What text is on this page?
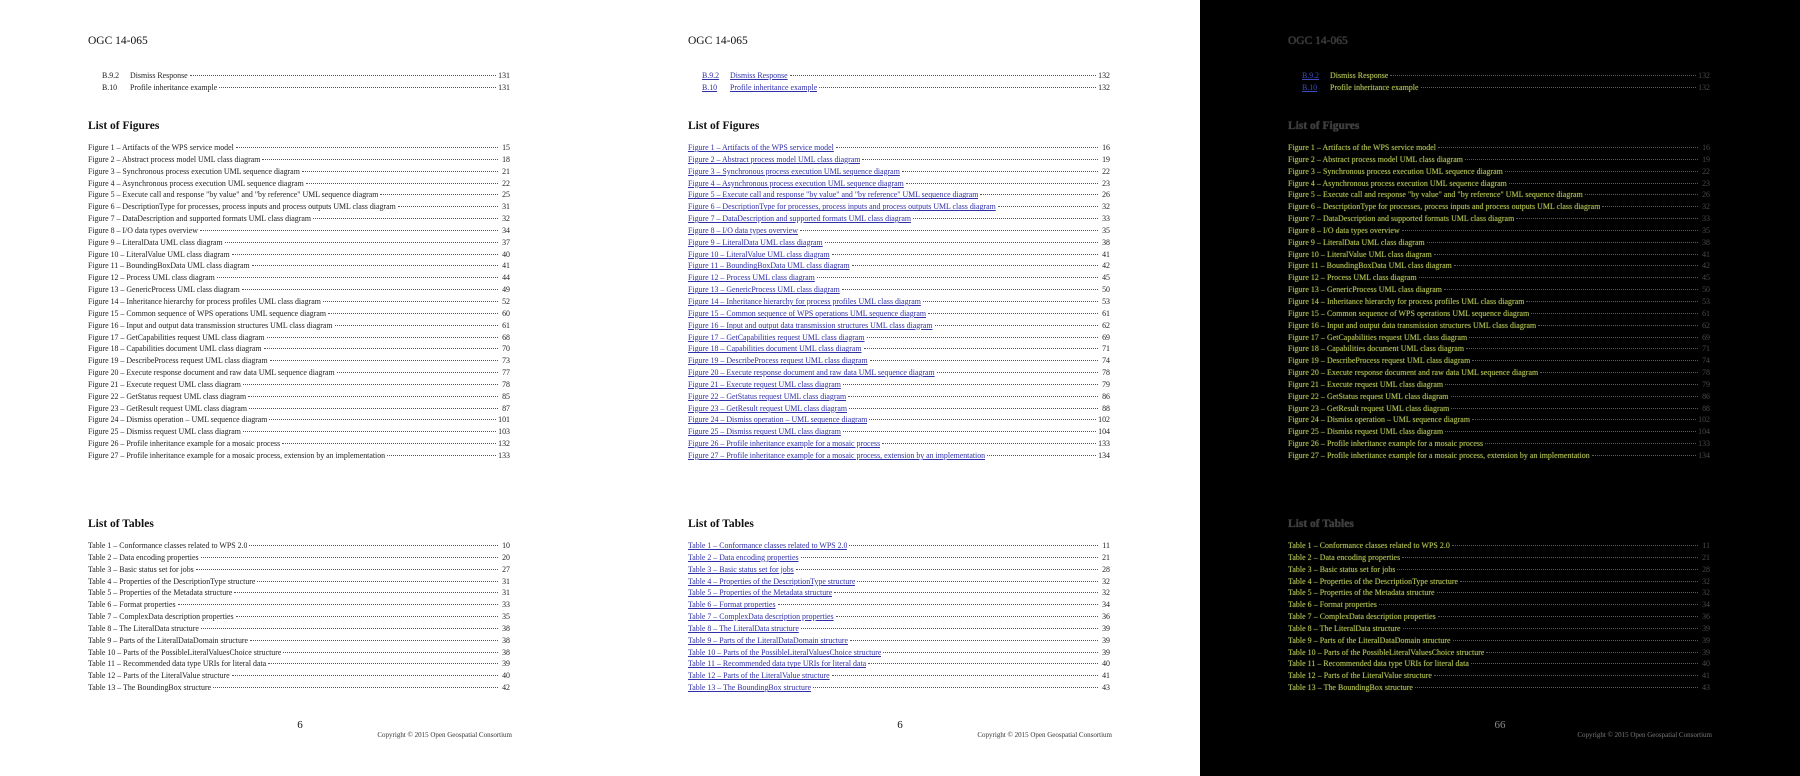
OGC 14-065
B.9.2	Dismiss Response	131
B.10	Profile inheritance example	131
List of Figures
Figure 1 – Artifacts of the WPS service model	15
Figure 2 – Abstract process model UML class diagram	18
Figure 3 – Synchronous process execution UML sequence diagram	21
Figure 4 – Asynchronous process execution UML sequence diagram	22
Figure 5 – Execute call and response "by value" and "by reference" UML sequence diagram	25
Figure 6 – DescriptionType for processes, process inputs and process outputs UML class diagram	31
Figure 7 – DataDescription and supported formats UML class diagram	32
Figure 8 – I/O data types overview	34
Figure 9 – LiteralData UML class diagram	37
Figure 10 – LiteralValue UML class diagram	40
Figure 11 – BoundingBoxData UML class diagram	41
Figure 12 – Process UML class diagram	44
Figure 13 – GenericProcess UML class diagram	49
Figure 14 – Inheritance hierarchy for process profiles UML class diagram	52
Figure 15 – Common sequence of WPS operations UML sequence diagram	60
Figure 16 – Input and output data transmission structures UML class diagram	61
Figure 17 – GetCapabilities request UML class diagram	68
Figure 18 – Capabilities document UML class diagram	70
Figure 19 – DescribeProcess request UML class diagram	73
Figure 20 – Execute response document and raw data UML sequence diagram	77
Figure 21 – Execute request UML class diagram	78
Figure 22 – GetStatus request UML class diagram	85
Figure 23 – GetResult request UML class diagram	87
Figure 24 – Dismiss operation – UML sequence diagram	101
Figure 25 – Dismiss request UML class diagram	103
Figure 26 – Profile inheritance example for a mosaic process	132
Figure 27 – Profile inheritance example for a mosaic process, extension by an implementation	133
List of Tables
Table 1 – Conformance classes related to WPS 2.0	10
Table 2 – Data encoding properties	20
Table 3 – Basic status set for jobs	27
Table 4 – Properties of the DescriptionType structure	31
Table 5 – Properties of the Metadata structure	31
Table 6 – Format properties	33
Table 7 – ComplexData description properties	35
Table 8 – The LiteralData structure	38
Table 9 – Parts of the LiteralDataDomain structure	38
Table 10 – Parts of the PossibleLiteralValuesChoice structure	38
Table 11 – Recommended data type URIs for literal data	39
Table 12 – Parts of the LiteralValue structure	40
Table 13 – The BoundingBox structure	42
6
Copyright © 2015 Open Geospatial Consortium
OGC 14-065
B.9.2	Dismiss Response	132
B.10	Profile inheritance example	132
List of Figures
Figure 1 – Artifacts of the WPS service model	16
Figure 2 – Abstract process model UML class diagram	19
Figure 3 – Synchronous process execution UML sequence diagram	22
Figure 4 – Asynchronous process execution UML sequence diagram	23
Figure 5 – Execute call and response "by value" and "by reference" UML sequence diagram	26
Figure 6 – DescriptionType for processes, process inputs and process outputs UML class diagram	32
Figure 7 – DataDescription and supported formats UML class diagram	33
Figure 8 – I/O data types overview	35
Figure 9 – LiteralData UML class diagram	38
Figure 10 – LiteralValue UML class diagram	41
Figure 11 – BoundingBoxData UML class diagram	42
Figure 12 – Process UML class diagram	45
Figure 13 – GenericProcess UML class diagram	50
Figure 14 – Inheritance hierarchy for process profiles UML class diagram	53
Figure 15 – Common sequence of WPS operations UML sequence diagram	61
Figure 16 – Input and output data transmission structures UML class diagram	62
Figure 17 – GetCapabilities request UML class diagram	69
Figure 18 – Capabilities document UML class diagram	71
Figure 19 – DescribeProcess request UML class diagram	74
Figure 20 – Execute response document and raw data UML sequence diagram	78
Figure 21 – Execute request UML class diagram	79
Figure 22 – GetStatus request UML class diagram	86
Figure 23 – GetResult request UML class diagram	88
Figure 24 – Dismiss operation – UML sequence diagram	102
Figure 25 – Dismiss request UML class diagram	104
Figure 26 – Profile inheritance example for a mosaic process	133
Figure 27 – Profile inheritance example for a mosaic process, extension by an implementation	134
List of Tables
Table 1 – Conformance classes related to WPS 2.0	11
Table 2 – Data encoding properties	21
Table 3 – Basic status set for jobs	28
Table 4 – Properties of the DescriptionType structure	32
Table 5 – Properties of the Metadata structure	32
Table 6 – Format properties	34
Table 7 – ComplexData description properties	36
Table 8 – The LiteralData structure	39
Table 9 – Parts of the LiteralDataDomain structure	39
Table 10 – Parts of the PossibleLiteralValuesChoice structure	39
Table 11 – Recommended data type URIs for literal data	40
Table 12 – Parts of the LiteralValue structure	41
Table 13 – The BoundingBox structure	43
6
Copyright © 2015 Open Geospatial Consortium
OGC 14-065
B.9.2	Dismiss Response	132
B.10	Profile inheritance example	132
List of Figures
Figure 1 – Artifacts of the WPS service model	16
Figure 2 – Abstract process model UML class diagram	19
Figure 3 – Synchronous process execution UML sequence diagram	22
Figure 4 – Asynchronous process execution UML sequence diagram	23
Figure 5 – Execute call and response "by value" and "by reference" UML sequence diagram	26
Figure 6 – DescriptionType for processes, process inputs and process outputs UML class diagram	32
Figure 7 – DataDescription and supported formats UML class diagram	33
Figure 8 – I/O data types overview	35
Figure 9 – LiteralData UML class diagram	38
Figure 10 – LiteralValue UML class diagram	41
Figure 11 – BoundingBoxData UML class diagram	42
Figure 12 – Process UML class diagram	45
Figure 13 – GenericProcess UML class diagram	50
Figure 14 – Inheritance hierarchy for process profiles UML class diagram	53
Figure 15 – Common sequence of WPS operations UML sequence diagram	61
Figure 16 – Input and output data transmission structures UML class diagram	62
Figure 17 – GetCapabilities request UML class diagram	69
Figure 18 – Capabilities document UML class diagram	71
Figure 19 – DescribeProcess request UML class diagram	74
Figure 20 – Execute response document and raw data UML sequence diagram	78
Figure 21 – Execute request UML class diagram	79
Figure 22 – GetStatus request UML class diagram	86
Figure 23 – GetResult request UML class diagram	88
Figure 24 – Dismiss operation – UML sequence diagram	102
Figure 25 – Dismiss request UML class diagram	104
Figure 26 – Profile inheritance example for a mosaic process	133
Figure 27 – Profile inheritance example for a mosaic process, extension by an implementation	134
List of Tables
Table 1 – Conformance classes related to WPS 2.0	11
Table 2 – Data encoding properties	21
Table 3 – Basic status set for jobs	28
Table 4 – Properties of the DescriptionType structure	32
Table 5 – Properties of the Metadata structure	32
Table 6 – Format properties	34
Table 7 – ComplexData description properties	36
Table 8 – The LiteralData structure	39
Table 9 – Parts of the LiteralDataDomain structure	39
Table 10 – Parts of the PossibleLiteralValuesChoice structure	39
Table 11 – Recommended data type URIs for literal data	40
Table 12 – Parts of the LiteralValue structure	41
Table 13 – The BoundingBox structure	43
66
Copyright © 2015 Open Geospatial Consortium
